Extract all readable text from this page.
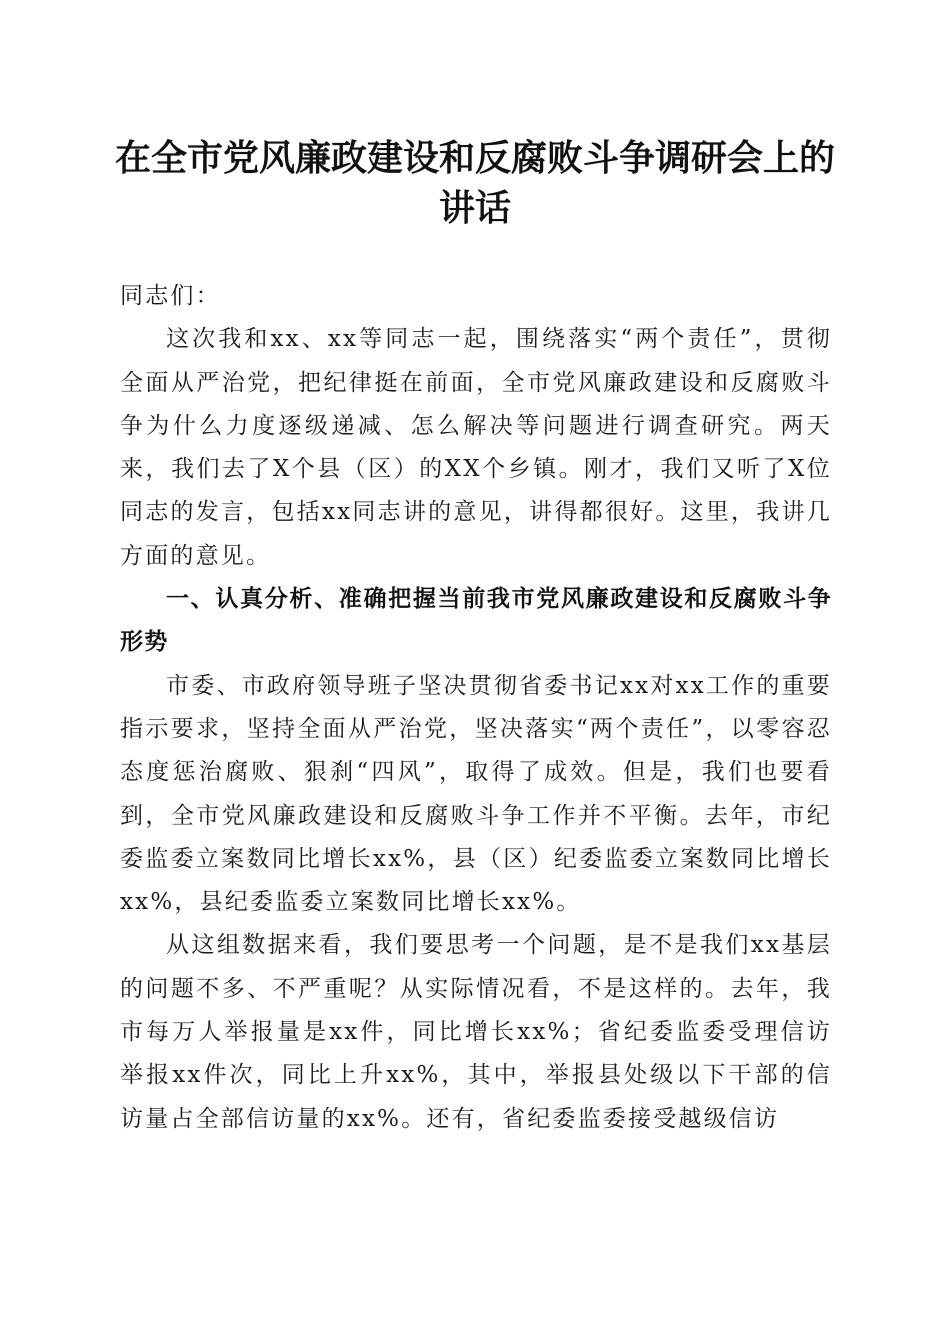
在全市党风廉政建设和反腐败斗争调研会上的讲话

同志们：

这次我和xx、xx等同志一起，围绕落实“两个责任”，贯彻全面从严治党，把纪律挺在前面，全市党风廉政建设和反腐败斗争为什么力度逐级递减、怎么解决等问题进行调查研究。两天来，我们去了X个县（区）的XX个乡镇。刚才，我们又听了X位同志的发言，包括xx同志讲的意见，讲得都很好。这里，我讲几方面的意见。

一、认真分析、准确把握当前我市党风廉政建设和反腐败斗争形势

市委、市政府领导班子坚决贯彻省委书记xx对xx工作的重要指示要求，坚持全面从严治党，坚决落实“两个责任”，以零容忍态度惩治腐败、狠刹“四风”，取得了成效。但是，我们也要看到，全市党风廉政建设和反腐败斗争工作并不平衡。去年，市纪委监委立案数同比增长xx%，县（区）纪委监委立案数同比增长xx%，县纪委监委立案数同比增长xx%。

从这组数据来看，我们要思考一个问题，是不是我们xx基层的问题不多、不严重呢？从实际情况看，不是这样的。去年，我市每万人举报量是xx件，同比增长xx%；省纪委监委受理信访举报xx件次，同比上升xx%，其中，举报县处级以下干部的信访量占全部信访量的xx%。还有，省纪委监委接受越级信访
